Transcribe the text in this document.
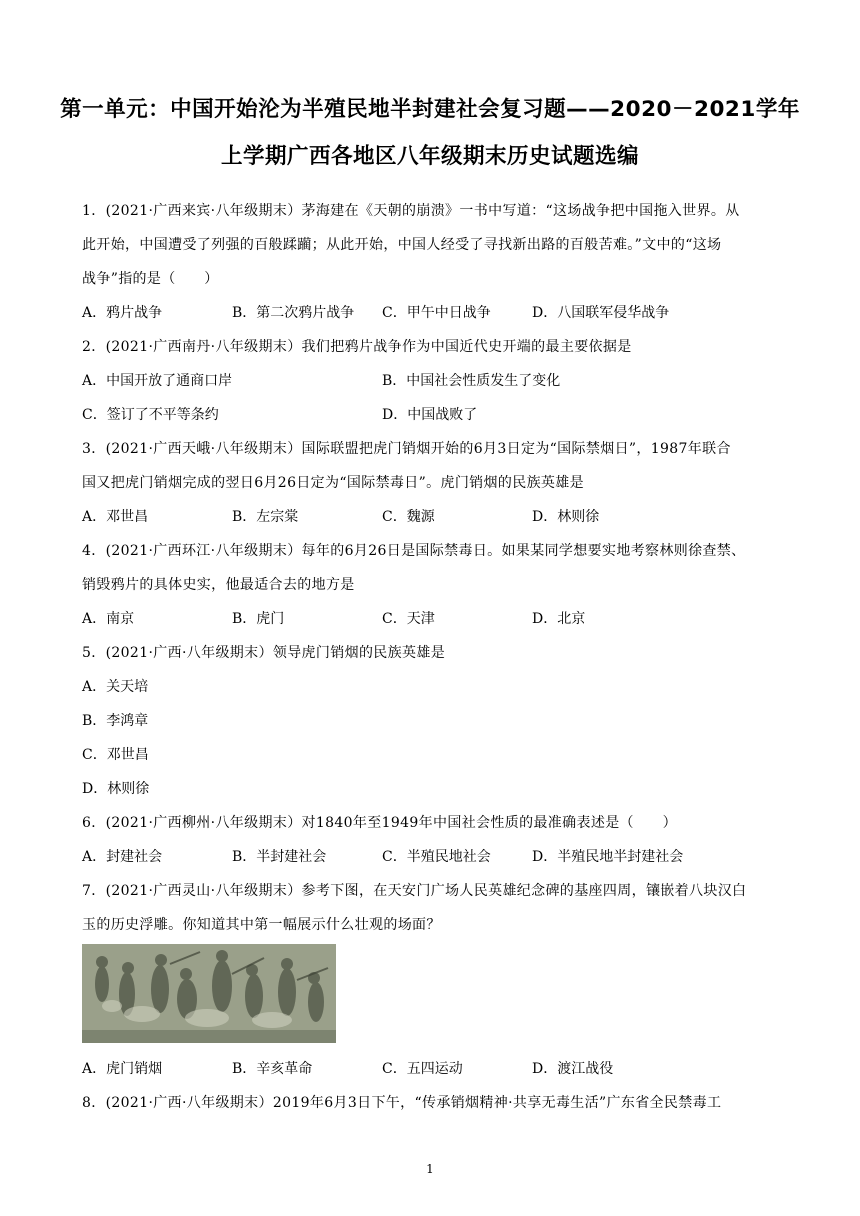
第一单元：中国开始沦为半殖民地半封建社会复习题——2020－2021学年
上学期广西各地区八年级期末历史试题选编
1．(2021·广西来宾·八年级期末）茅海建在《天朝的崩溃》一书中写道：“这场战争把中国拖入世界。从
此开始，中国遭受了列强的百般蹂躏；从此开始，中国人经受了寻找新出路的百般苦难。”文中的“这场
战争”指的是（　　）
A．鸦片战争	B．第二次鸦片战争 C．甲午中日战争	D．八国联军侵华战争
2．(2021·广西南丹·八年级期末）我们把鸦片战争作为中国近代史开端的最主要依据是
A．中国开放了通商口岸	B．中国社会性质发生了变化
C．签订了不平等条约	D．中国战败了
3．(2021·广西天峨·八年级期末）国际联盟把虎门销烟开始的6月3日定为“国际禁烟日”，1987年联合
国又把虎门销烟完成的翌日6月26日定为“国际禁毒日”。虎门销烟的民族英雄是
A．邓世昌	B．左宗棠	C．魏源	D．林则徐
4．(2021·广西环江·八年级期末）每年的6月26日是国际禁毒日。如果某同学想要实地考察林则徐查禁、
销毁鸦片的具体史实，他最适合去的地方是
A．南京	B．虎门	C．天津	D．北京
5．(2021·广西·八年级期末）领导虎门销烟的民族英雄是
A．关天培
B．李鸿章
C．邓世昌
D．林则徐
6．(2021·广西柳州·八年级期末）对1840年至1949年中国社会性质的最准确表述是（　　）
A．封建社会	B．半封建社会	C．半殖民地社会	D．半殖民地半封建社会
7．(2021·广西灵山·八年级期末）参考下图，在天安门广场人民英雄纪念碑的基座四周，镶嵌着八块汉白
玉的历史浮雕。你知道其中第一幅展示什么壮观的场面？
A．虎门销烟	B．辛亥革命	C．五四运动	D．渡江战役
8．(2021·广西·八年级期末）2019年6月3日下午，“传承销烟精神·共享无毒生活”广东省全民禁毒工
1
